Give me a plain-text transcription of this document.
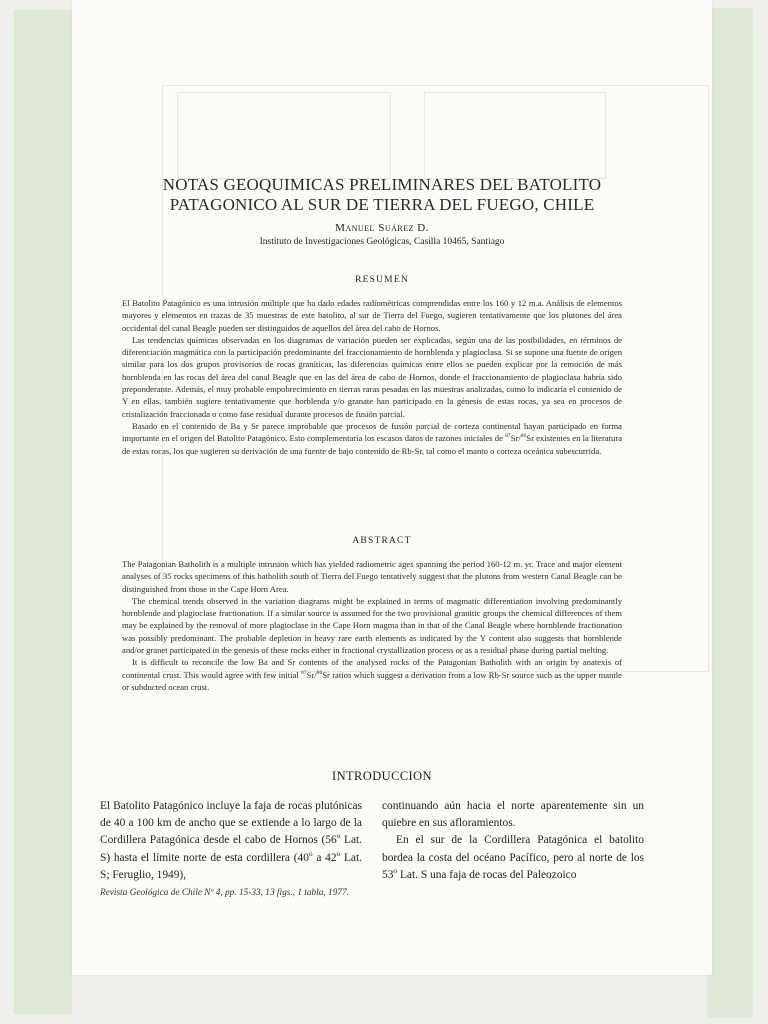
NOTAS GEOQUIMICAS PRELIMINARES DEL BATOLITO
PATAGONICO AL SUR DE TIERRA DEL FUEGO, CHILE
Manuel Suárez D.
Instituto de Investigaciones Geológicas, Casilla 10465, Santiago
RESUMEN

El Batolito Patagónico es una intrusión múltiple que ha dado edades radiométricas comprendidas entre los 160 y 12 m.a. Análisis de elementos mayores y elementos en trazas de 35 muestras de este batolito, al sur de Tierra del Fuego, sugieren tentativamente que los plutones del área occidental del canal Beagle pueden ser distinguidos de aquellos del área del cabo de Hornos.

Las tendencias químicas observadas en los diagramas de variación pueden ser explicadas, según una de las posibilidades, en términos de diferenciación magmática con la participación predominante del fraccionamiento de hornblenda y plagioclasa. Si se supone una fuente de origen similar para los dos grupos provisorios de rocas graníticas, las diferencias químicas entre ellos se pueden explicar por la remoción de más hornblenda en las rocas del área del canal Beagle que en las del área de cabo de Hornos, donde el fraccionamiento de plagioclasa habría sido preponderante. Además, el muy probable empobrecimiento en tierras raras pesadas en las muestras analizadas, como lo indicaría el contenido de Y en ellas, también sugiere tentativamente que horblenda y/o granate han participado en la génesis de estas rocas, ya sea en procesos de cristalización fraccionada o como fase residual durante procesos de fusión parcial.

Basado en el contenido de Ba y Sr parece improbable que procesos de fusión parcial de corteza continental hayan participado en forma importante en el origen del Batolito Patagónico. Esto complementaría los escasos datos de razones iniciales de $^{87}$Sr/$^{86}$Sr existentes en la literatura de estas rocas, los que sugieren su derivación de una fuente de bajo contenido de Rb-Sr, tal como el manto o corteza oceánica subescurrida.

ABSTRACT

The Patagonian Batholith is a multiple intrusion which has yielded radiometric ages spanning the period 160-12 m. yr. Trace and major element analyses of 35 rocks specimens of this batholith south of Tierra del Fuego tentatively suggest that the plutons from western Canal Beagle can be distinguished from those in the Cape Horn Area.

The chemical trends observed in the variation diagrams might be explained in terms of magmatic differentiation involving predominantly hornblende and plagioclase fractionation. If a similar source is assumed for the two provisional granitic groups the chemical differences of them may be explained by the removal of more plagioclase in the Cape Horn magma than in that of the Canal Beagle where hornblende fractionation was possibly predominant. The probable depletion in heavy rare earth elements as indicated by the Y content also suggests that hornblende and/or granet participated in the genesis of these rocks either in fractional crystallization process or as a residual phase during partial melting.

It is difficult to reconcile the low Ba and Sr contents of the analysed rocks of the Patagonian Batholith with an origin by anatexis of continental crust. This would agree with few initial $^{87}$Sr/$^{86}$Sr ratios which suggest a derivation from a low Rb-Sr source such as the upper mantle or subducted ocean crust.

INTRODUCCION

El Batolito Patagónico incluye la faja de rocas plutónicas de 40 a 100 km de ancho que se extiende a lo largo de la Cordillera Patagónica desde el cabo de Hornos (56$^o$ Lat. S) hasta el límite norte de esta cordillera (40$^o$ a 42$^o$ Lat. S; Feruglio, 1949),

continuando aún hacia el norte aparentemente sin un quiebre en sus afloramientos.

En el sur de la Cordillera Patagónica el batolito bordea la costa del océano Pacífico, pero al norte de los 53$^o$ Lat. S una faja de rocas del Paleozoico

Revista Geológica de Chile Nº 4, pp. 15-33, 13 figs., 1 tabla, 1977.
